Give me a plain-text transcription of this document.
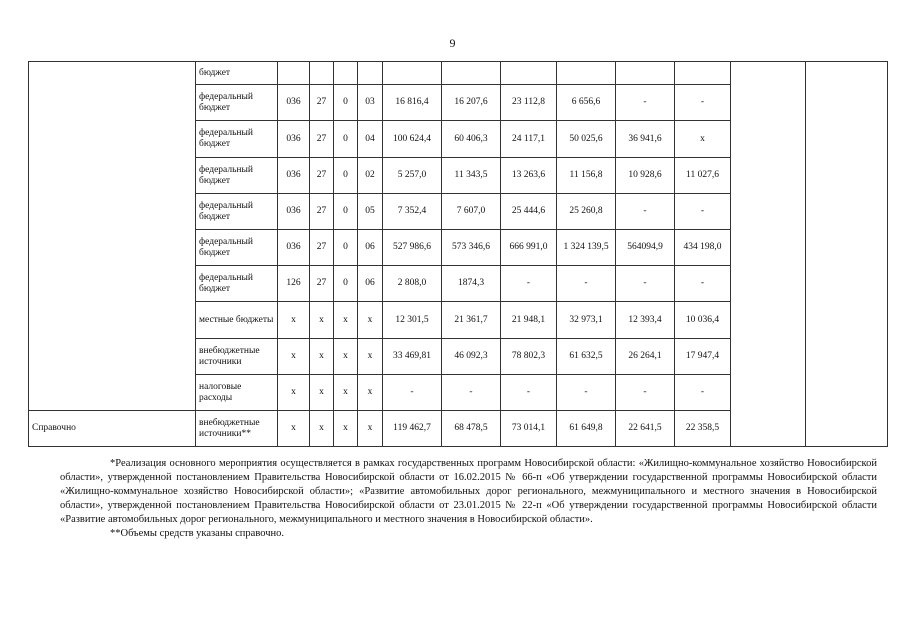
9
	бюджет												
	федеральный бюджет	036	27	0	03	16 816,4	16 207,6	23 112,8	6 656,6	-	-		
	федеральный бюджет	036	27	0	04	100 624,4	60 406,3	24 117,1	50 025,6	36 941,6	х		
	федеральный бюджет	036	27	0	02	5 257,0	11 343,5	13 263,6	11 156,8	10 928,6	11 027,6		
	федеральный бюджет	036	27	0	05	7 352,4	7 607,0	25 444,6	25 260,8	-	-		
	федеральный бюджет	036	27	0	06	527 986,6	573 346,6	666 991,0	1 324 139,5	564094,9	434 198,0		
	федеральный бюджет	126	27	0	06	2 808,0	1874,3	-	-	-	-		
	местные бюджеты	х	х	х	х	12 301,5	21 361,7	21 948,1	32 973,1	12 393,4	10 036,4		
	внебюджетные источники	х	х	х	х	33 469,81	46 092,3	78 802,3	61 632,5	26 264,1	17 947,4		
	налоговые расходы	х	х	х	х	-	-	-	-	-	-		
Справочно	внебюджетные источники**	х	х	х	х	119 462,7	68 478,5	73 014,1	61 649,8	22 641,5	22 358,5		

*Реализация основного мероприятия осуществляется в рамках государственных программ Новосибирской области: «Жилищно-коммунальное хозяйство Новосибирской области», утвержденной постановлением Правительства Новосибирской области от 16.02.2015 № 66-п «Об утверждении государственной программы Новосибирской области «Жилищно-коммунальное хозяйство Новосибирской области»; «Развитие автомобильных дорог регионального, межмуниципального и местного значения в Новосибирской области», утвержденной постановлением Правительства Новосибирской области от 23.01.2015 № 22-п «Об утверждении государственной программы Новосибирской области «Развитие автомобильных дорог регионального, межмуниципального и местного значения в Новосибирской области».

**Объемы средств указаны справочно.
